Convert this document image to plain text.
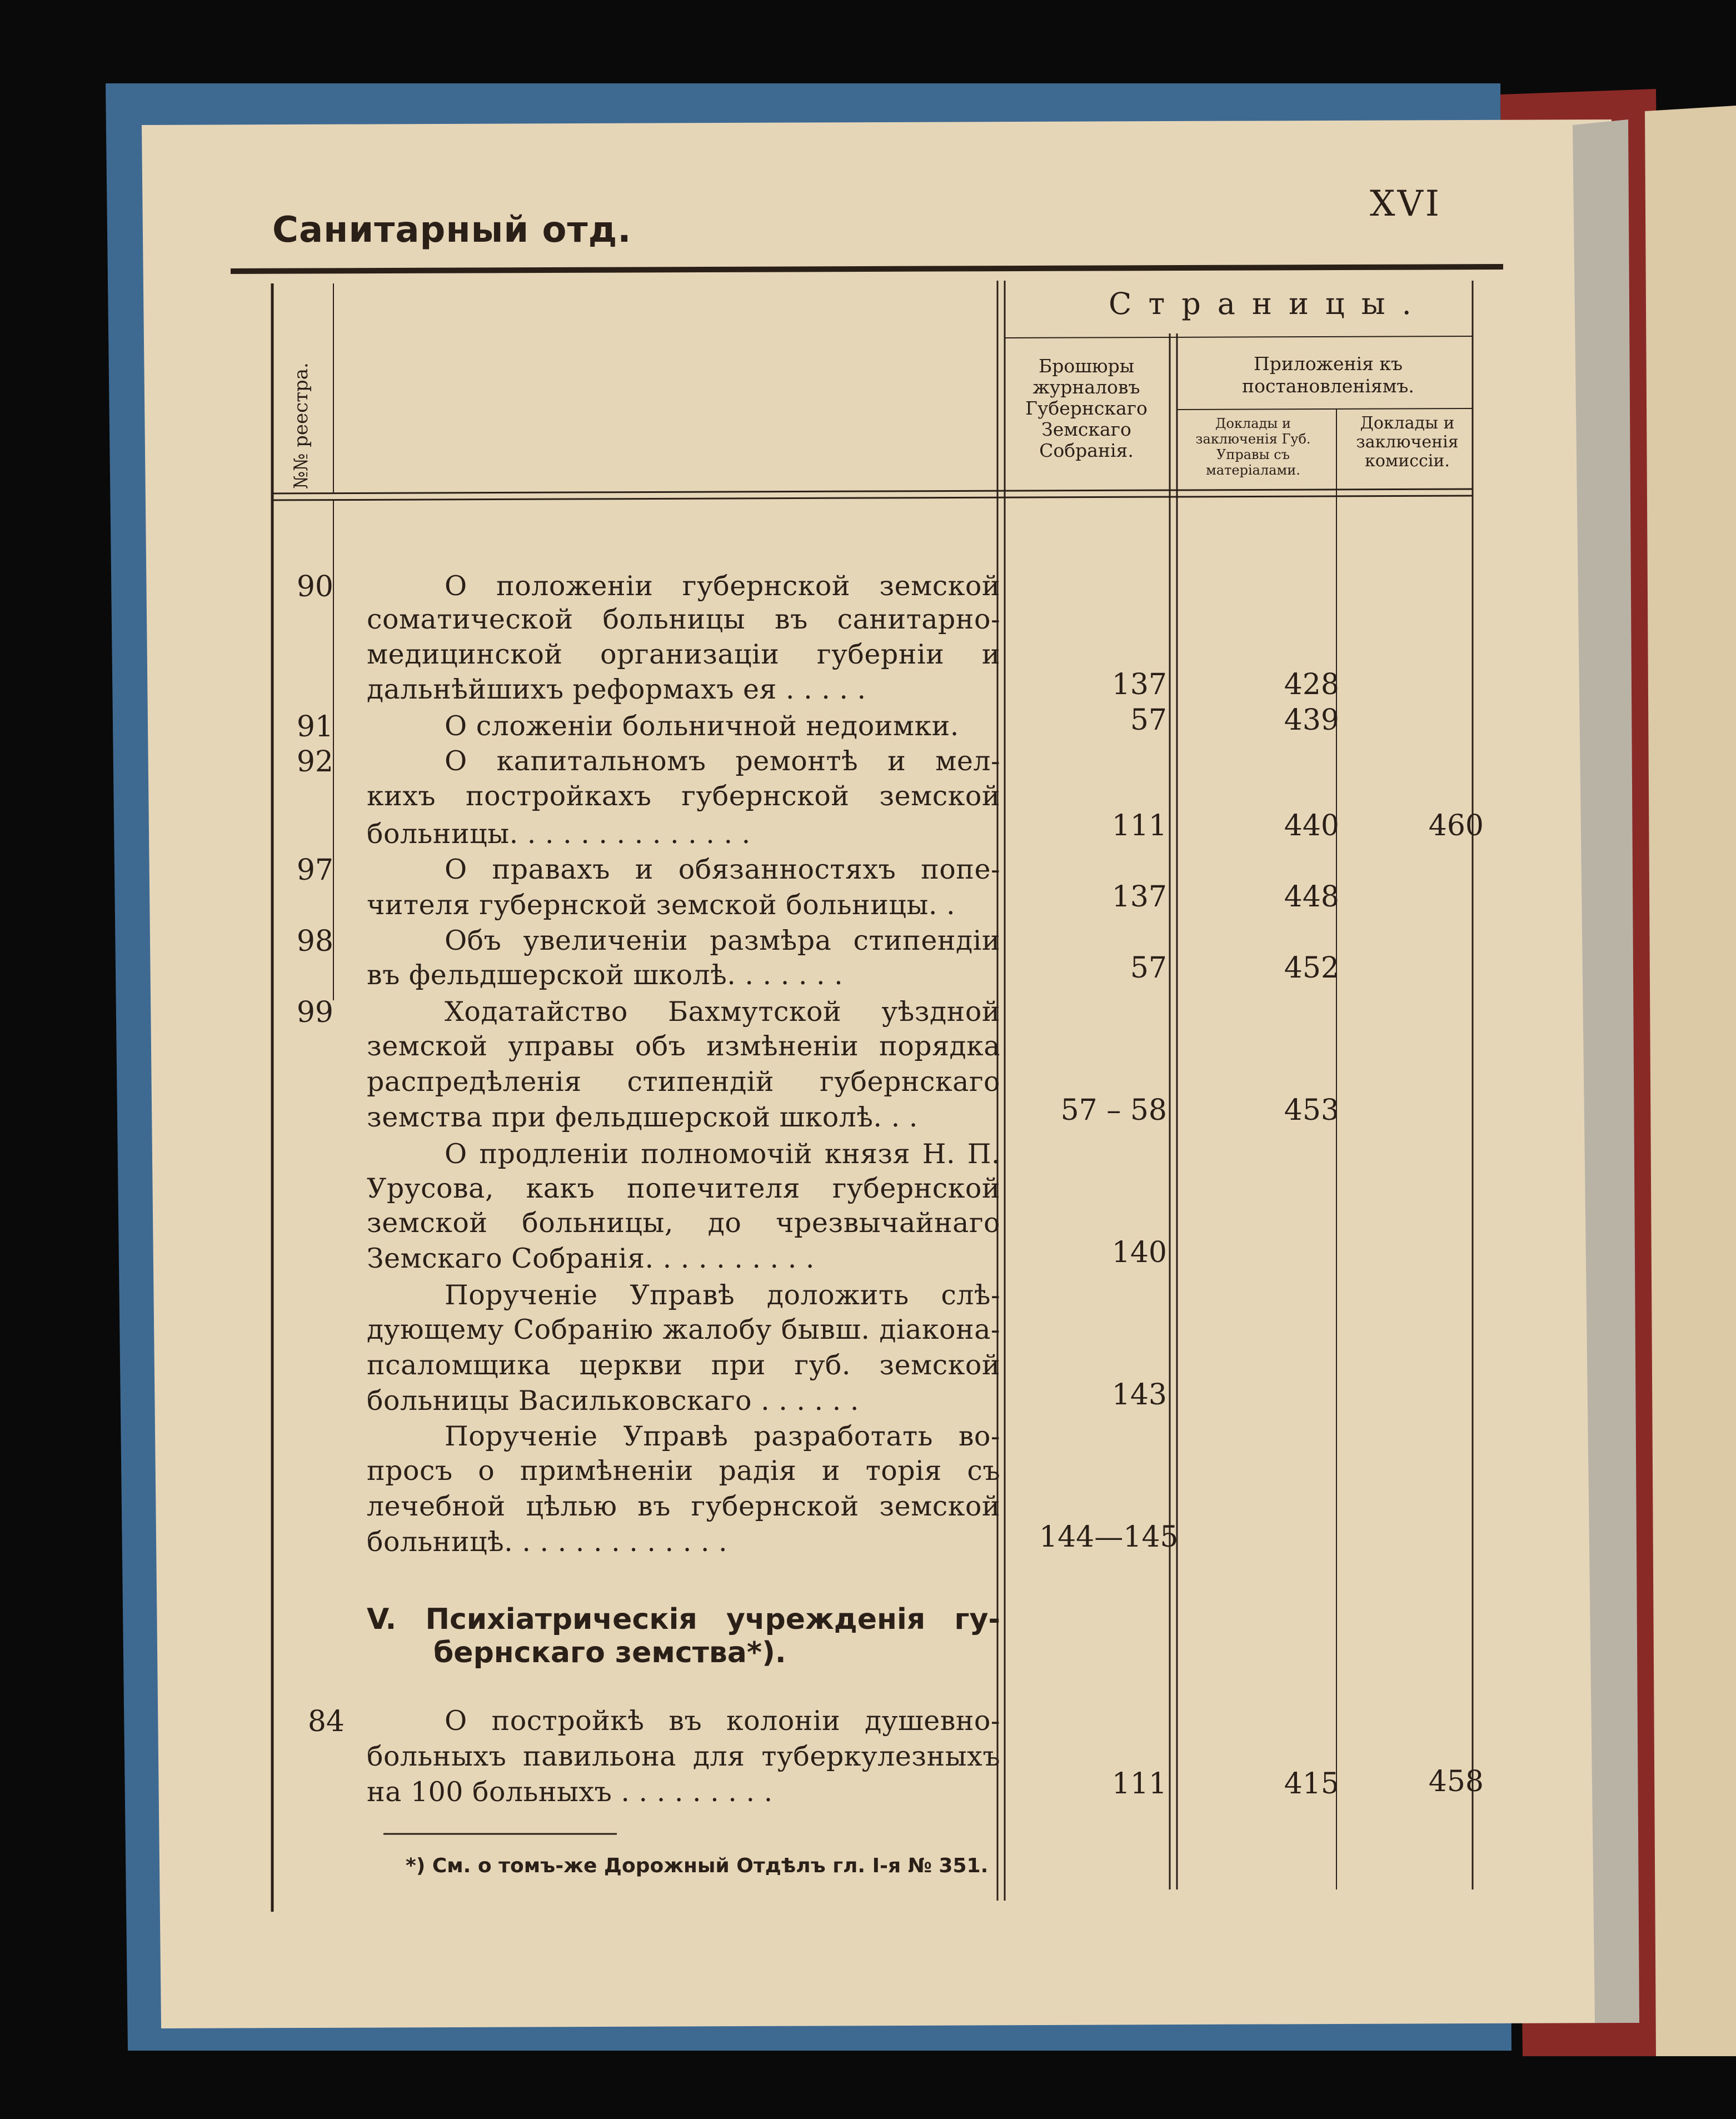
Санитарный отд.
XVI
Страницы.
№№ реестра.	Брошюры журналовъ Губернскаго Земскаго Собранія.
Приложенія къ постановленіямъ.
Доклады и заключенія Губ. Управы съ матеріалами.
Доклады и заключенія комиссіи.
90	О положеніи губернской земской
соматической больницы въ санитарно-
медицинской организаціи губерніи и
дальнѣйшихъ реформахъ ея . . . . .	137	428
91	О сложеніи больничной недоимки.	57	439
92	О капитальномъ ремонтѣ и мел-
кихъ постройкахъ губернской земской
больницы. . . . . . . . . . . . . .	111	440	460
97	О правахъ и обязанностяхъ попе-
чителя губернской земской больницы. .	137	448
98	Объ увеличеніи размѣра стипендіи
въ фельдшерской школѣ. . . . . . .	57	452
99	Ходатайство Бахмутской уѣздной
земской управы объ измѣненіи порядка
распредѣленія стипендій губернскаго
земства при фельдшерской школѣ. . .	57 – 58	453
О продленіи полномочій князя Н. П.
Урусова, какъ попечителя губернской
земской больницы, до чрезвычайнаго
Земскаго Собранія. . . . . . . . . .	140
Порученіе Управѣ доложить слѣ-
дующему Собранію жалобу бывш. діакона-
псаломщика церкви при губ. земской
больницы Васильковскаго . . . . . .	143
Порученіе Управѣ разработать во-
просъ о примѣненіи радія и торія съ
лечебной цѣлью въ губернской земской
больницѣ. . . . . . . . . . . . .	144—145
V. Психіатрическія учрежденія гу-
бернскаго земства*).
84	О постройкѣ въ колоніи душевно-
больныхъ павильона для туберкулезныхъ
на 100 больныхъ . . . . . . . . .	111	415	458
*) См. о томъ-же Дорожный Отдѣлъ гл. I-я № 351.
